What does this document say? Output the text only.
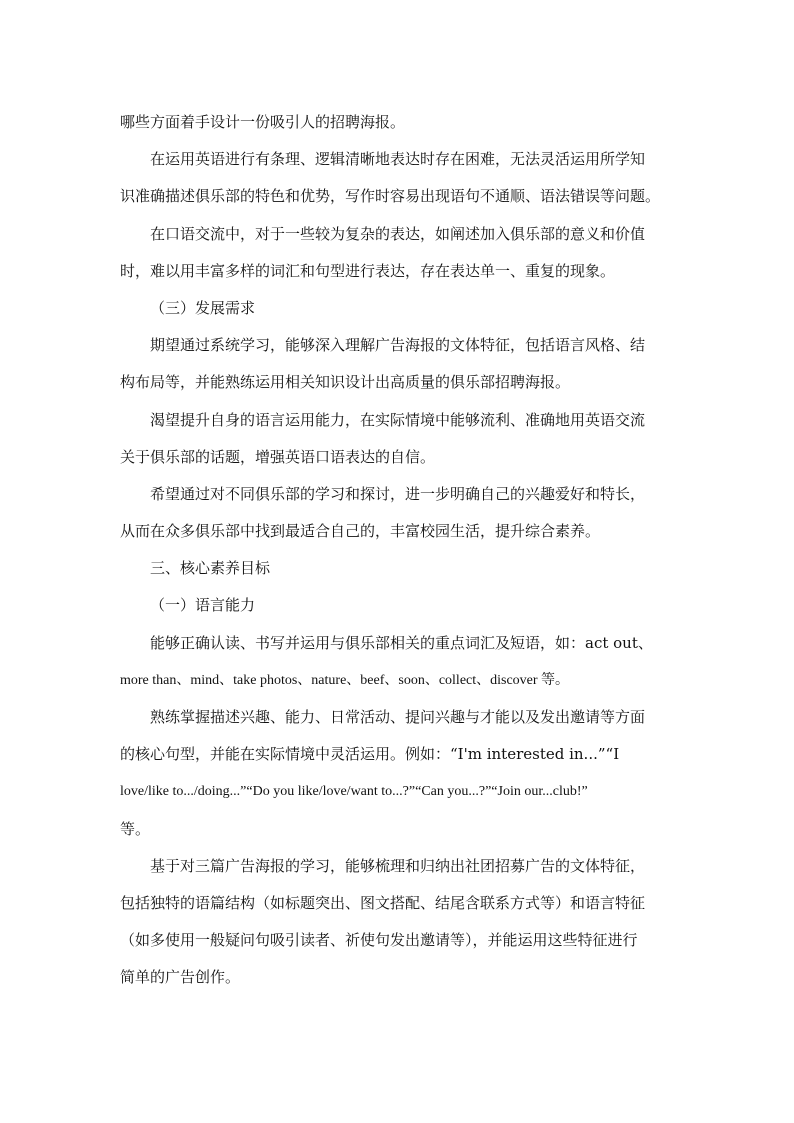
哪些方面着手设计一份吸引人的招聘海报。
在运用英语进行有条理、逻辑清晰地表达时存在困难，无法灵活运用所学知
识准确描述俱乐部的特色和优势，写作时容易出现语句不通顺、语法错误等问题。
在口语交流中，对于一些较为复杂的表达，如阐述加入俱乐部的意义和价值
时，难以用丰富多样的词汇和句型进行表达，存在表达单一、重复的现象。
（三）发展需求
期望通过系统学习，能够深入理解广告海报的文体特征，包括语言风格、结
构布局等，并能熟练运用相关知识设计出高质量的俱乐部招聘海报。
渴望提升自身的语言运用能力，在实际情境中能够流利、准确地用英语交流
关于俱乐部的话题，增强英语口语表达的自信。
希望通过对不同俱乐部的学习和探讨，进一步明确自己的兴趣爱好和特长，
从而在众多俱乐部中找到最适合自己的，丰富校园生活，提升综合素养。
三、核心素养目标
（一）语言能力
能够正确认读、书写并运用与俱乐部相关的重点词汇及短语，如：act out、
more than、mind、take photos、nature、beef、soon、collect、discover 等。
熟练掌握描述兴趣、能力、日常活动、提问兴趣与才能以及发出邀请等方面
的核心句型，并能在实际情境中灵活运用。例如：“I'm interested in...”“I
love/like to.../doing...”“Do you like/love/want to...?”“Can you...?”“Join our...club!”
等。
基于对三篇广告海报的学习，能够梳理和归纳出社团招募广告的文体特征，
包括独特的语篇结构（如标题突出、图文搭配、结尾含联系方式等）和语言特征
（如多使用一般疑问句吸引读者、祈使句发出邀请等），并能运用这些特征进行
简单的广告创作。
